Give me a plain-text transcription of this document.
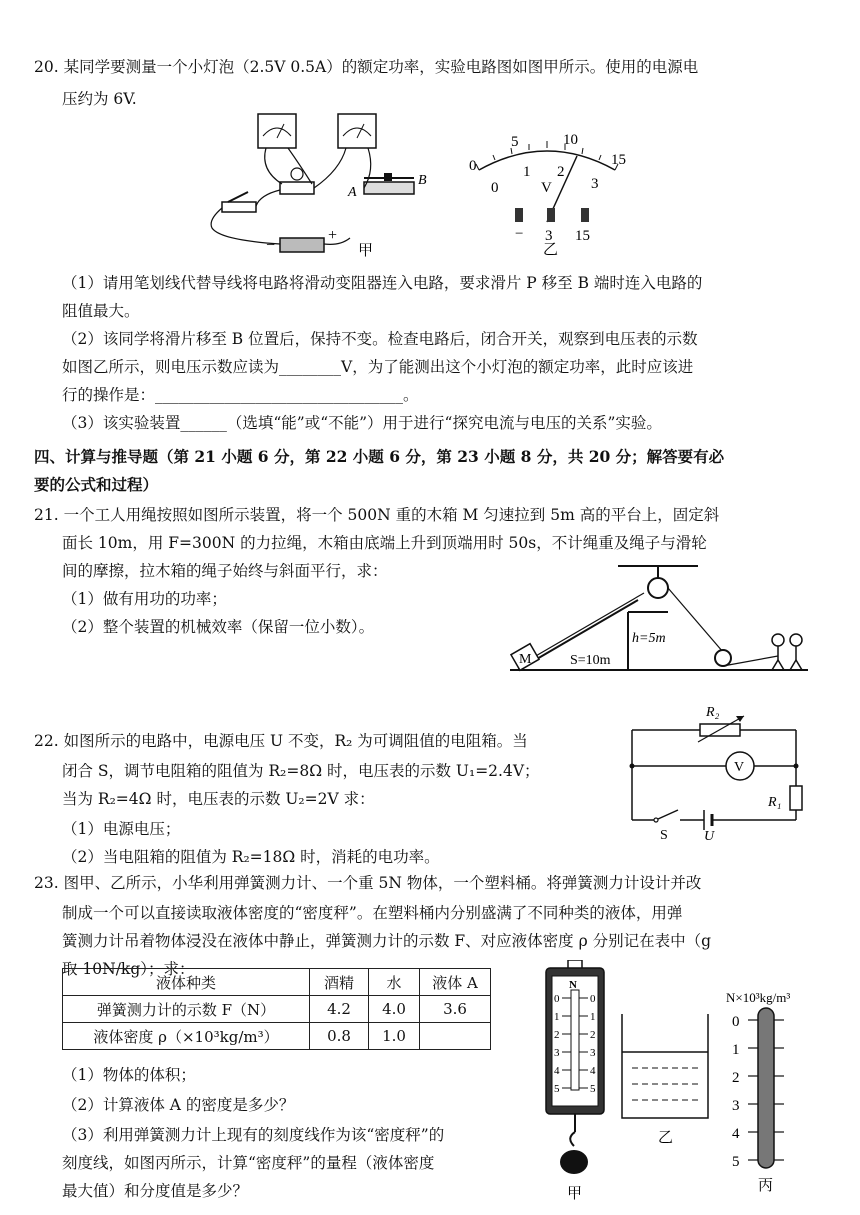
20. 某同学要测量一个小灯泡（2.5V 0.5A）的额定功率，实验电路图如图甲所示。使用的电源电
压约为 6V.
A
B
−
+
甲
0
5	10
15
0
1 2
3
V
− 3 15
乙
（1）请用笔划线代替导线将电路将滑动变阻器连入电路，要求滑片 P 移至 B 端时连入电路的
阻值最大。
（2）该同学将滑片移至 B 位置后，保持不变。检查电路后，闭合开关，观察到电压表的示数
如图乙所示，则电压示数应读为________V，为了能测出这个小灯泡的额定功率，此时应该进
行的操作是：________________________________。
（3）该实验装置______（选填“能”或“不能”）用于进行“探究电流与电压的关系”实验。
四、计算与推导题（第 21 小题 6 分，第 22 小题 6 分，第 23 小题 8 分，共 20 分；解答要有必
要的公式和过程）
21. 一个工人用绳按照如图所示装置，将一个 500N 重的木箱 M 匀速拉到 5m 高的平台上，固定斜
面长 10m，用 F=300N 的力拉绳，木箱由底端上升到顶端用时 50s，不计绳重及绳子与滑轮
间的摩擦，拉木箱的绳子始终与斜面平行，求：
（1）做有用功的功率；
（2）整个装置的机械效率（保留一位小数）。
M	S=10m
h=5m
22. 如图所示的电路中，电源电压 U 不变，R₂ 为可调阻值的电阻箱。当
闭合 S，调节电阻箱的阻值为 R₂=8Ω 时，电压表的示数 U₁=2.4V；
当为 R₂=4Ω 时，电压表的示数 U₂=2V 求：
（1）电源电压；
（2）当电阻箱的阻值为 R₂=18Ω 时，消耗的电功率。
R₂
V
R₁
S	U
23. 图甲、乙所示，小华利用弹簧测力计、一个重 5N 物体，一个塑料桶。将弹簧测力计设计并改
制成一个可以直接读取液体密度的“密度秤”。在塑料桶内分别盛满了不同种类的液体，用弹
簧测力计吊着物体浸没在液体中静止，弹簧测力计的示数 F、对应液体密度 ρ 分别记在表中（g
取 10N/kg）；求：
液体种类	酒精	水	液体 A
弹簧测力计的示数 F（N）	4.2	4.0	3.6
液体密度 ρ（×10³kg/m³）	0.8	1.0	
（1）物体的体积；
（2）计算液体 A 的密度是多少？
（3）利用弹簧测力计上现有的刻度线作为该“密度秤”的
刻度线，如图丙所示，计算“密度秤”的量程（液体密度
最大值）和分度值是多少？
N
0
1
2
3
4
5
0
1
2
3
4
5
甲
乙
N×10³kg/m³
0
1
2
3
4
5
丙
